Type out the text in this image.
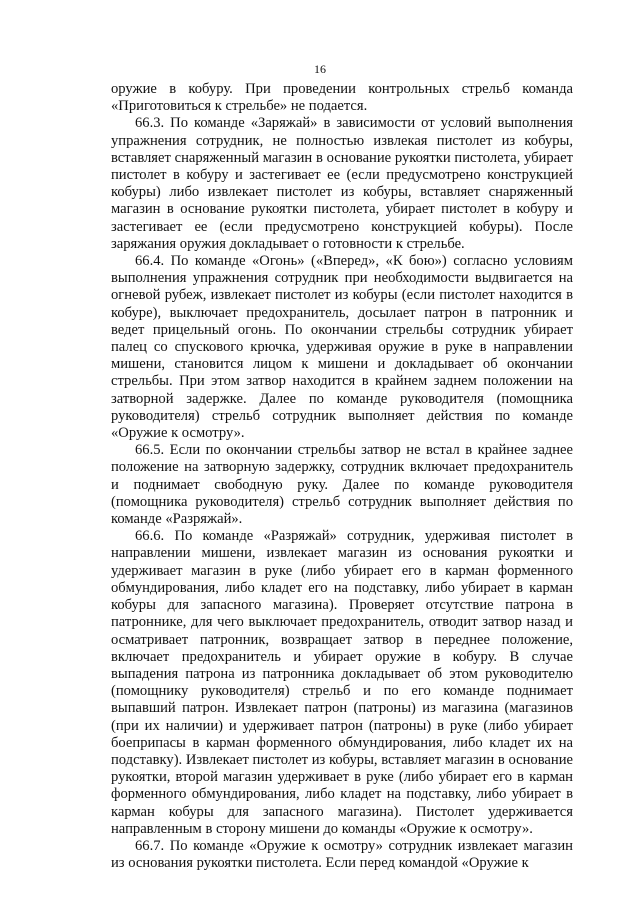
16

оружие в кобуру. При проведении контрольных стрельб команда «Приготовиться к стрельбе» не подается.

66.3. По команде «Заряжай» в зависимости от условий выполнения упражнения сотрудник, не полностью извлекая пистолет из кобуры, вставляет снаряженный магазин в основание рукоятки пистолета, убирает пистолет в кобуру и застегивает ее (если предусмотрено конструкцией кобуры) либо извлекает пистолет из кобуры, вставляет снаряженный магазин в основание рукоятки пистолета, убирает пистолет в кобуру и застегивает ее (если предусмотрено конструкцией кобуры). После заряжания оружия докладывает о готовности к стрельбе.

66.4. По команде «Огонь» («Вперед», «К бою») согласно условиям выполнения упражнения сотрудник при необходимости выдвигается на огневой рубеж, извлекает пистолет из кобуры (если пистолет находится в кобуре), выключает предохранитель, досылает патрон в патронник и ведет прицельный огонь. По окончании стрельбы сотрудник убирает палец со спускового крючка, удерживая оружие в руке в направлении мишени, становится лицом к мишени и докладывает об окончании стрельбы. При этом затвор находится в крайнем заднем положении на затворной задержке. Далее по команде руководителя (помощника руководителя) стрельб сотрудник выполняет действия по команде «Оружие к осмотру».

66.5. Если по окончании стрельбы затвор не встал в крайнее заднее положение на затворную задержку, сотрудник включает предохранитель и поднимает свободную руку. Далее по команде руководителя (помощника руководителя) стрельб сотрудник выполняет действия по команде «Разряжай».

66.6. По команде «Разряжай» сотрудник, удерживая пистолет в направлении мишени, извлекает магазин из основания рукоятки и удерживает магазин в руке (либо убирает его в карман форменного обмундирования, либо кладет его на подставку, либо убирает в карман кобуры для запасного магазина). Проверяет отсутствие патрона в патроннике, для чего выключает предохранитель, отводит затвор назад и осматривает патронник, возвращает затвор в переднее положение, включает предохранитель и убирает оружие в кобуру. В случае выпадения патрона из патронника докладывает об этом руководителю (помощнику руководителя) стрельб и по его команде поднимает выпавший патрон. Извлекает патрон (патроны) из магазина (магазинов (при их наличии) и удерживает патрон (патроны) в руке (либо убирает боеприпасы в карман форменного обмундирования, либо кладет их на подставку). Извлекает пистолет из кобуры, вставляет магазин в основание рукоятки, второй магазин удерживает в руке (либо убирает его в карман форменного обмундирования, либо кладет на подставку, либо убирает в карман кобуры для запасного магазина). Пистолет удерживается направленным в сторону мишени до команды «Оружие к осмотру».

66.7. По команде «Оружие к осмотру» сотрудник извлекает магазин из основания рукоятки пистолета. Если перед командой «Оружие к
